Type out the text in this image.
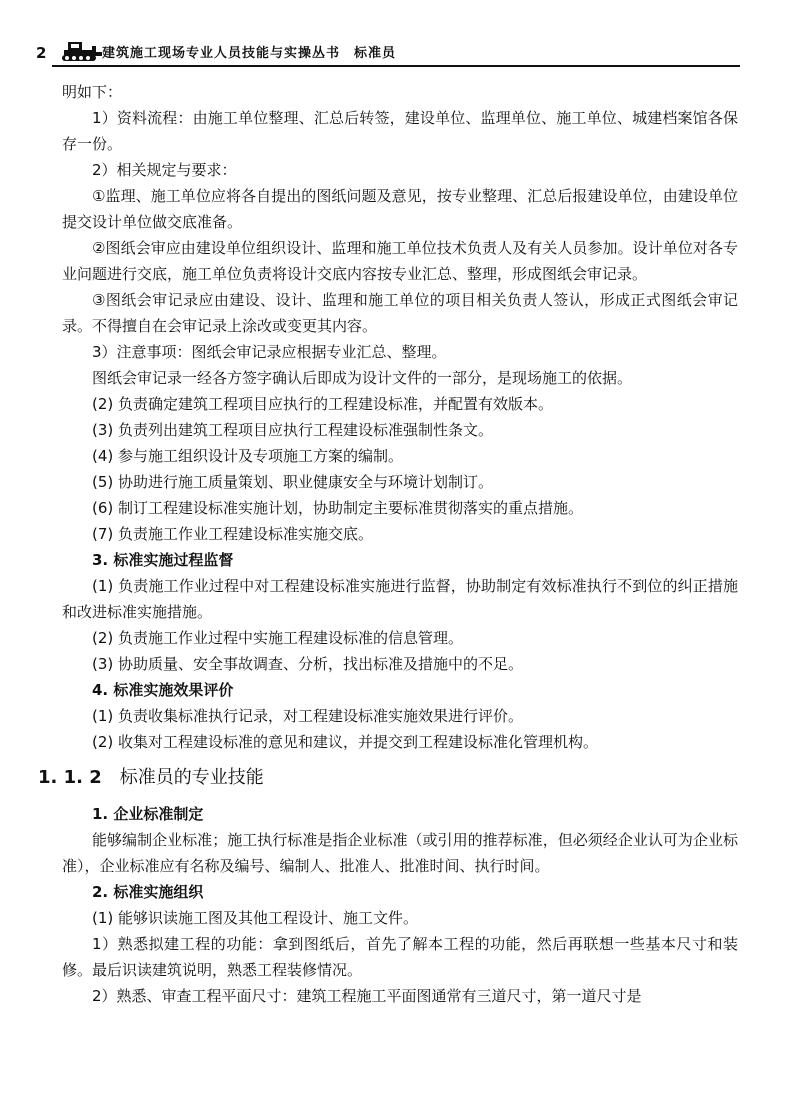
2	建筑施工现场专业人员技能与实操丛书　标准员

明如下：

1）资料流程：由施工单位整理、汇总后转签，建设单位、监理单位、施工单位、城建档案馆各保存一份。

2）相关规定与要求：

①监理、施工单位应将各自提出的图纸问题及意见，按专业整理、汇总后报建设单位，由建设单位提交设计单位做交底准备。

②图纸会审应由建设单位组织设计、监理和施工单位技术负责人及有关人员参加。设计单位对各专业问题进行交底，施工单位负责将设计交底内容按专业汇总、整理，形成图纸会审记录。

③图纸会审记录应由建设、设计、监理和施工单位的项目相关负责人签认，形成正式图纸会审记录。不得擅自在会审记录上涂改或变更其内容。

3）注意事项：图纸会审记录应根据专业汇总、整理。

图纸会审记录一经各方签字确认后即成为设计文件的一部分，是现场施工的依据。

(2) 负责确定建筑工程项目应执行的工程建设标准，并配置有效版本。

(3) 负责列出建筑工程项目应执行工程建设标准强制性条文。

(4) 参与施工组织设计及专项施工方案的编制。

(5) 协助进行施工质量策划、职业健康安全与环境计划制订。

(6) 制订工程建设标准实施计划，协助制定主要标准贯彻落实的重点措施。

(7) 负责施工作业工程建设标准实施交底。

3. 标准实施过程监督

(1) 负责施工作业过程中对工程建设标准实施进行监督，协助制定有效标准执行不到位的纠正措施和改进标准实施措施。

(2) 负责施工作业过程中实施工程建设标准的信息管理。

(3) 协助质量、安全事故调查、分析，找出标准及措施中的不足。

4. 标准实施效果评价

(1) 负责收集标准执行记录，对工程建设标准实施效果进行评价。

(2) 收集对工程建设标准的意见和建议，并提交到工程建设标准化管理机构。

1. 1. 2 标准员的专业技能

1. 企业标准制定

能够编制企业标准；施工执行标准是指企业标准（或引用的推荐标准，但必须经企业认可为企业标准），企业标准应有名称及编号、编制人、批准人、批准时间、执行时间。

2. 标准实施组织

(1) 能够识读施工图及其他工程设计、施工文件。

1）熟悉拟建工程的功能：拿到图纸后，首先了解本工程的功能，然后再联想一些基本尺寸和装修。最后识读建筑说明，熟悉工程装修情况。

2）熟悉、审查工程平面尺寸：建筑工程施工平面图通常有三道尺寸，第一道尺寸是
